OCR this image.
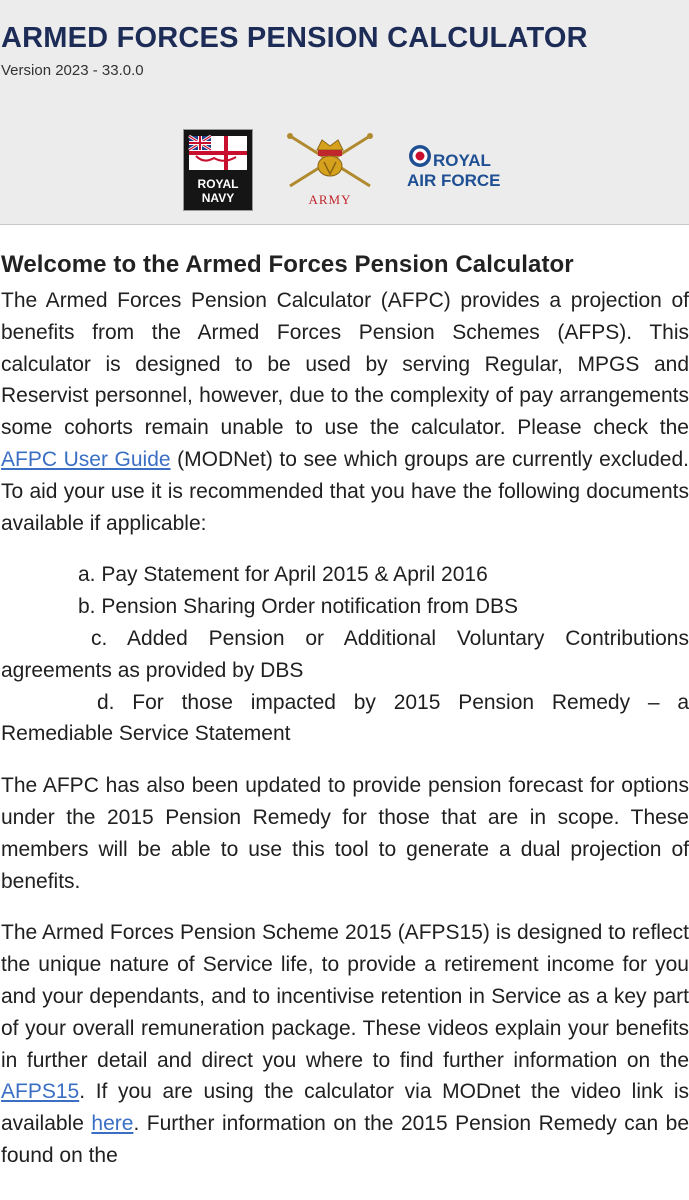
ARMED FORCES PENSION CALCULATOR
Version 2023 - 33.0.0
ROYAL
NAVY	ARMY
ROYAL
AIR FORCE
Welcome to the Armed Forces Pension Calculator

The Armed Forces Pension Calculator (AFPC) provides a projection of benefits from the Armed Forces Pension Schemes (AFPS). This calculator is designed to be used by serving Regular, MPGS and Reservist personnel, however, due to the complexity of pay arrangements some cohorts remain unable to use the calculator. Please check the AFPC User Guide (MODNet) to see which groups are currently excluded. To aid your use it is recommended that you have the following documents available if applicable:

a. Pay Statement for April 2015 & April 2016
b. Pension Sharing Order notification from DBS
c. Added Pension or Additional Voluntary Contributions agreements as provided by DBS
d. For those impacted by 2015 Pension Remedy – a Remediable Service Statement

The AFPC has also been updated to provide pension forecast for options under the 2015 Pension Remedy for those that are in scope. These members will be able to use this tool to generate a dual projection of benefits.

The Armed Forces Pension Scheme 2015 (AFPS15) is designed to reflect the unique nature of Service life, to provide a retirement income for you and your dependants, and to incentivise retention in Service as a key part of your overall remuneration package. These videos explain your benefits in further detail and direct you where to find further information on the AFPS15. If you are using the calculator via MODnet the video link is available here. Further information on the 2015 Pension Remedy can be found on the
